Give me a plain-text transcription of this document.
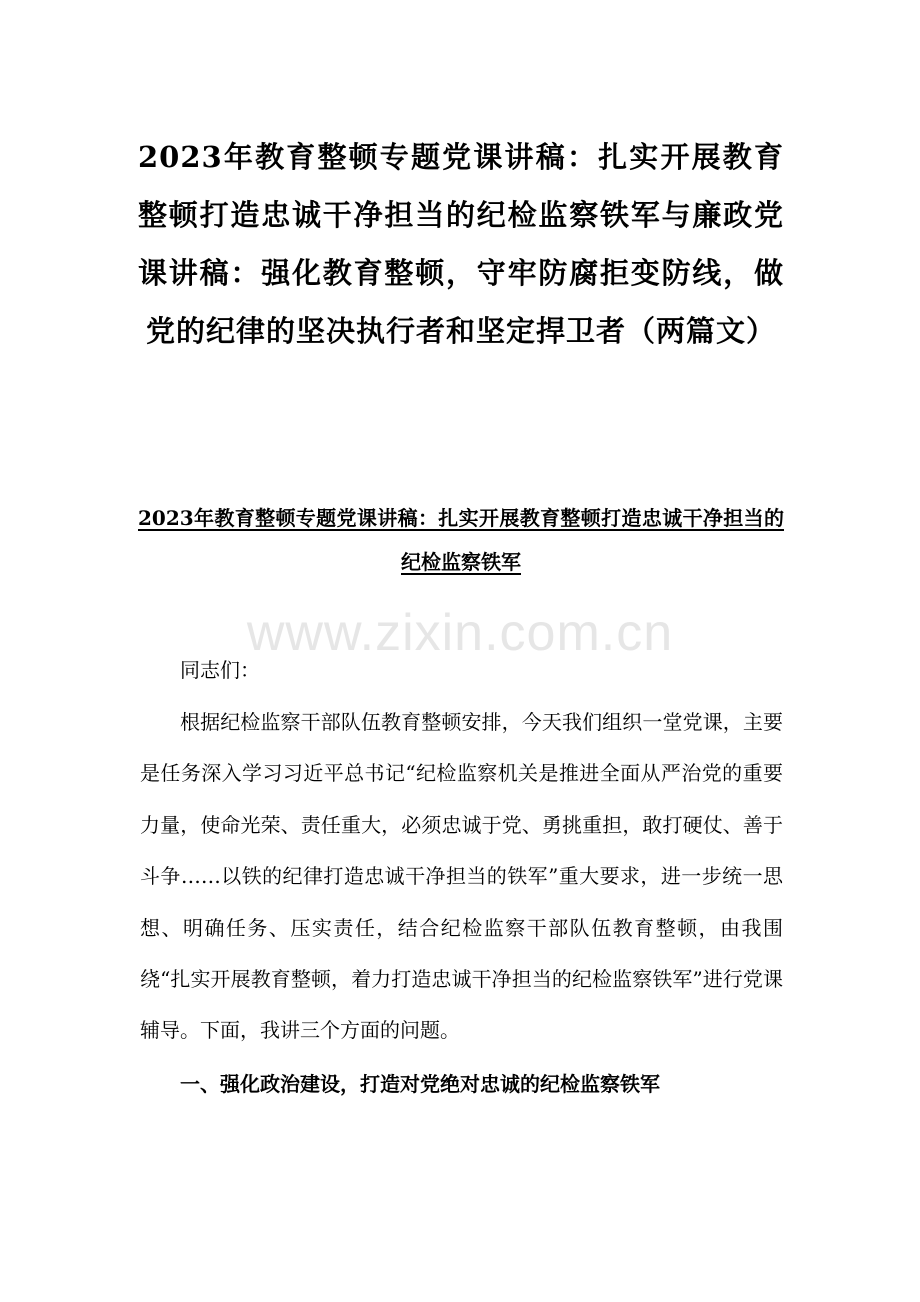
2023年教育整顿专题党课讲稿：扎实开展教育整顿打造忠诚干净担当的纪检监察铁军与廉政党课讲稿：强化教育整顿，守牢防腐拒变防线，做党的纪律的坚决执行者和坚定捍卫者（两篇文）
2023年教育整顿专题党课讲稿：扎实开展教育整顿打造忠诚干净担当的纪检监察铁军
www.zixin.com.cn

同志们：

根据纪检监察干部队伍教育整顿安排，今天我们组织一堂党课，主要是任务深入学习习近平总书记“纪检监察机关是推进全面从严治党的重要力量，使命光荣、责任重大，必须忠诚于党、勇挑重担，敢打硬仗、善于斗争……以铁的纪律打造忠诚干净担当的铁军”重大要求，进一步统一思想、明确任务、压实责任，结合纪检监察干部队伍教育整顿，由我围绕“扎实开展教育整顿，着力打造忠诚干净担当的纪检监察铁军”进行党课辅导。下面，我讲三个方面的问题。

一、强化政治建设，打造对党绝对忠诚的纪检监察铁军
